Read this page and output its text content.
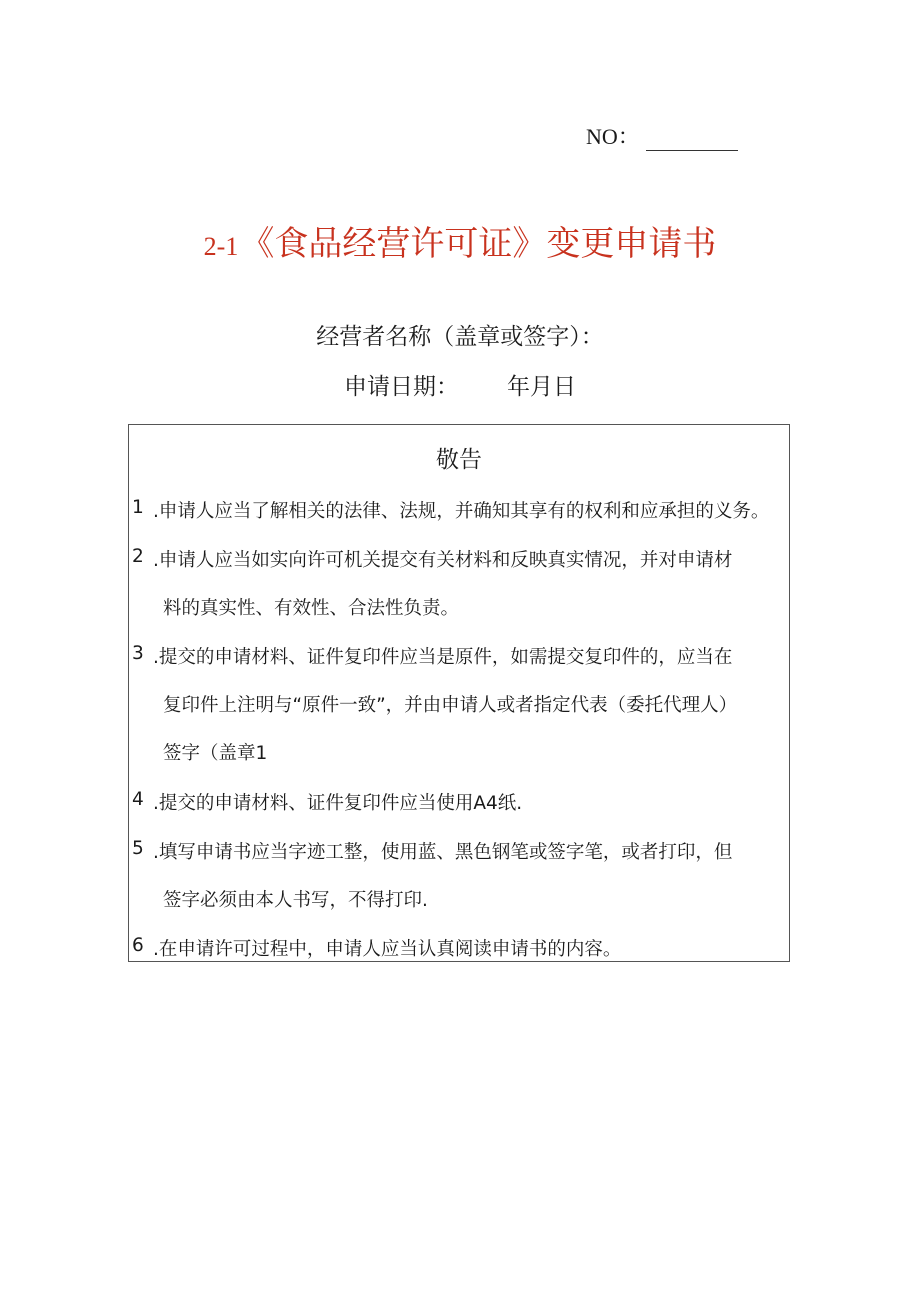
NO：
2-1《食品经营许可证》变更申请书
经营者名称（盖章或签字）：
申请日期： 年月日
敬告
1 .申请人应当了解相关的法律、法规，并确知其享有的权利和应承担的义务。
2 .申请人应当如实向许可机关提交有关材料和反映真实情况，并对申请材
料的真实性、有效性、合法性负责。
3 .提交的申请材料、证件复印件应当是原件，如需提交复印件的，应当在
复印件上注明与“原件一致”，并由申请人或者指定代表（委托代理人）
签字（盖章1
4 .提交的申请材料、证件复印件应当使用A4纸.
5 .填写申请书应当字迹工整，使用蓝、黑色钢笔或签字笔，或者打印，但
签字必须由本人书写，不得打印.
6 .在申请许可过程中，申请人应当认真阅读申请书的内容。
